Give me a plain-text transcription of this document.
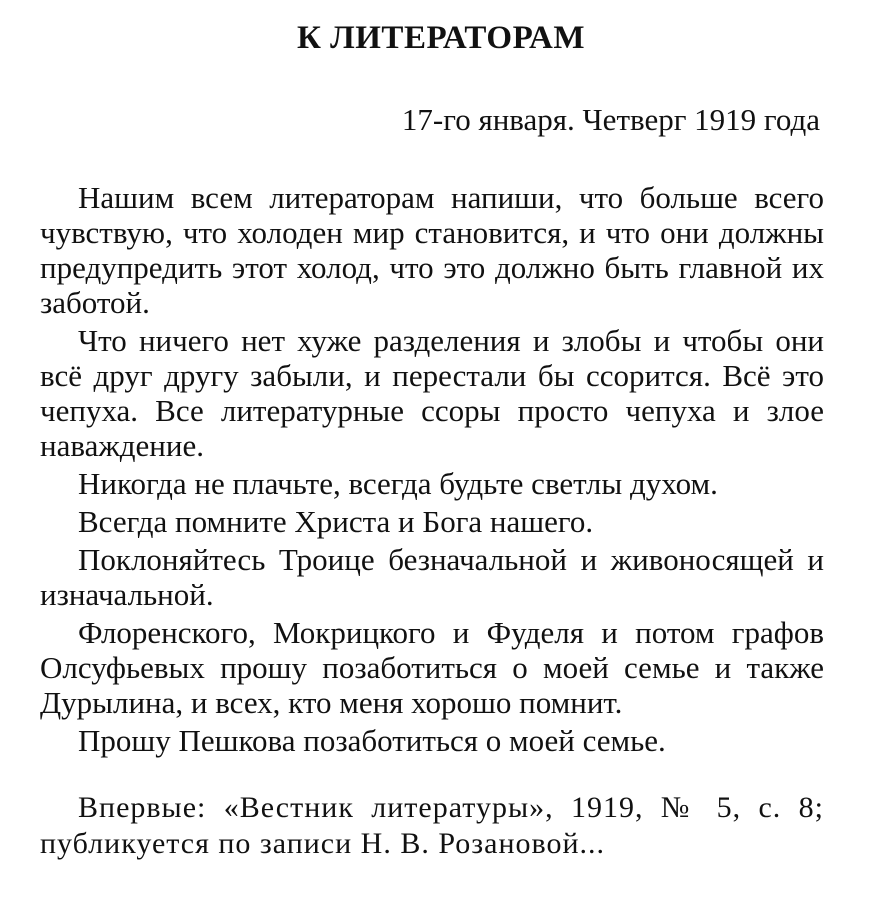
К ЛИТЕРАТОРАМ
17-го января. Четверг 1919 года

Нашим всем литераторам напиши, что больше всего чувствую, что холоден мир становится, и что они должны предупредить этот холод, что это должно быть главной их заботой.

Что ничего нет хуже разделения и злобы и чтобы они всё друг другу забыли, и перестали бы ссорится. Всё это чепуха. Все литературные ссоры просто чепуха и злое наваждение.

Никогда не плачьте, всегда будьте светлы духом.

Всегда помните Христа и Бога нашего.

Поклоняйтесь Троице безначальной и живоносящей и изначальной.

Флоренского, Мокрицкого и Фуделя и потом графов Олсуфьевых прошу позаботиться о моей семье и также Дурылина, и всех, кто меня хорошо помнит.

Прошу Пешкова позаботиться о моей семье.

Впервые: «Вестник литературы», 1919, № 5, с. 8; публикуется по записи Н. В. Розановой...
